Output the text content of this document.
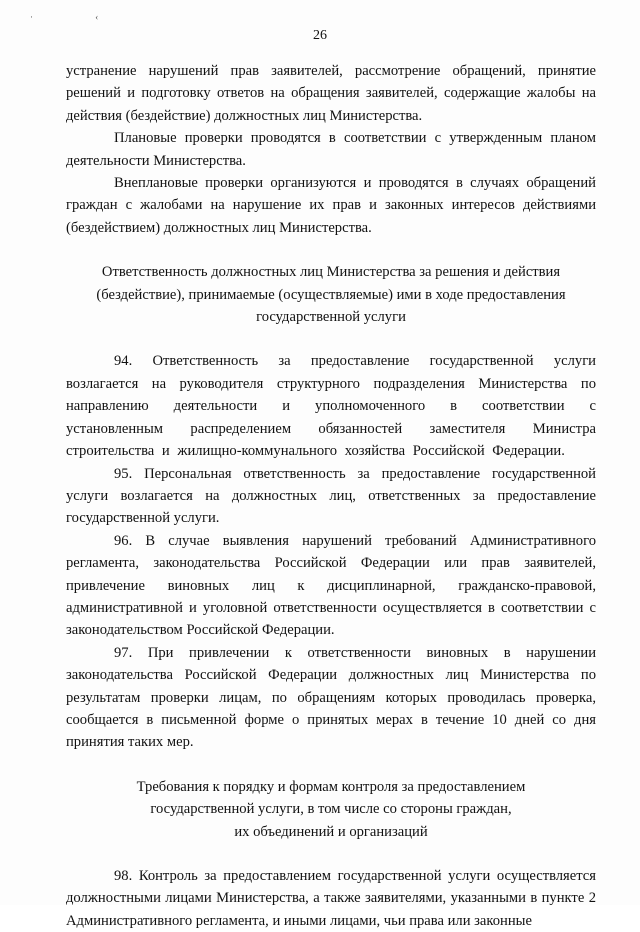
· ‹
26

устранение нарушений прав заявителей, рассмотрение обращений, принятие решений и подготовку ответов на обращения заявителей, содержащие жалобы на действия (бездействие) должностных лиц Министерства.

Плановые проверки проводятся в соответствии с утвержденным планом деятельности Министерства.

Внеплановые проверки организуются и проводятся в случаях обращений граждан с жалобами на нарушение их прав и законных интересов действиями (бездействием) должностных лиц Министерства.

Ответственность должностных лиц Министерства за решения и действия

(бездействие), принимаемые (осуществляемые) ими в ходе предоставления

государственной услуги

94. Ответственность за предоставление государственной услуги возлагается на руководителя структурного подразделения Министерства по направлению деятельности и уполномоченного в соответствии с установленным распределением обязанностей заместителя Министра строительства и жилищно-коммунального хозяйства Российской Федерации.

95. Персональная ответственность за предоставление государственной услуги возлагается на должностных лиц, ответственных за предоставление государственной услуги.

96. В случае выявления нарушений требований Административного регламента, законодательства Российской Федерации или прав заявителей, привлечение виновных лиц к дисциплинарной, гражданско-правовой, административной и уголовной ответственности осуществляется в соответствии с законодательством Российской Федерации.

97. При привлечении к ответственности виновных в нарушении законодательства Российской Федерации должностных лиц Министерства по результатам проверки лицам, по обращениям которых проводилась проверка, сообщается в письменной форме о принятых мерах в течение 10 дней со дня принятия таких мер.

Требования к порядку и формам контроля за предоставлением

государственной услуги, в том числе со стороны граждан,

их объединений и организаций

98. Контроль за предоставлением государственной услуги осуществляется должностными лицами Министерства, а также заявителями, указанными в пункте 2 Административного регламента, и иными лицами, чьи права или законные
